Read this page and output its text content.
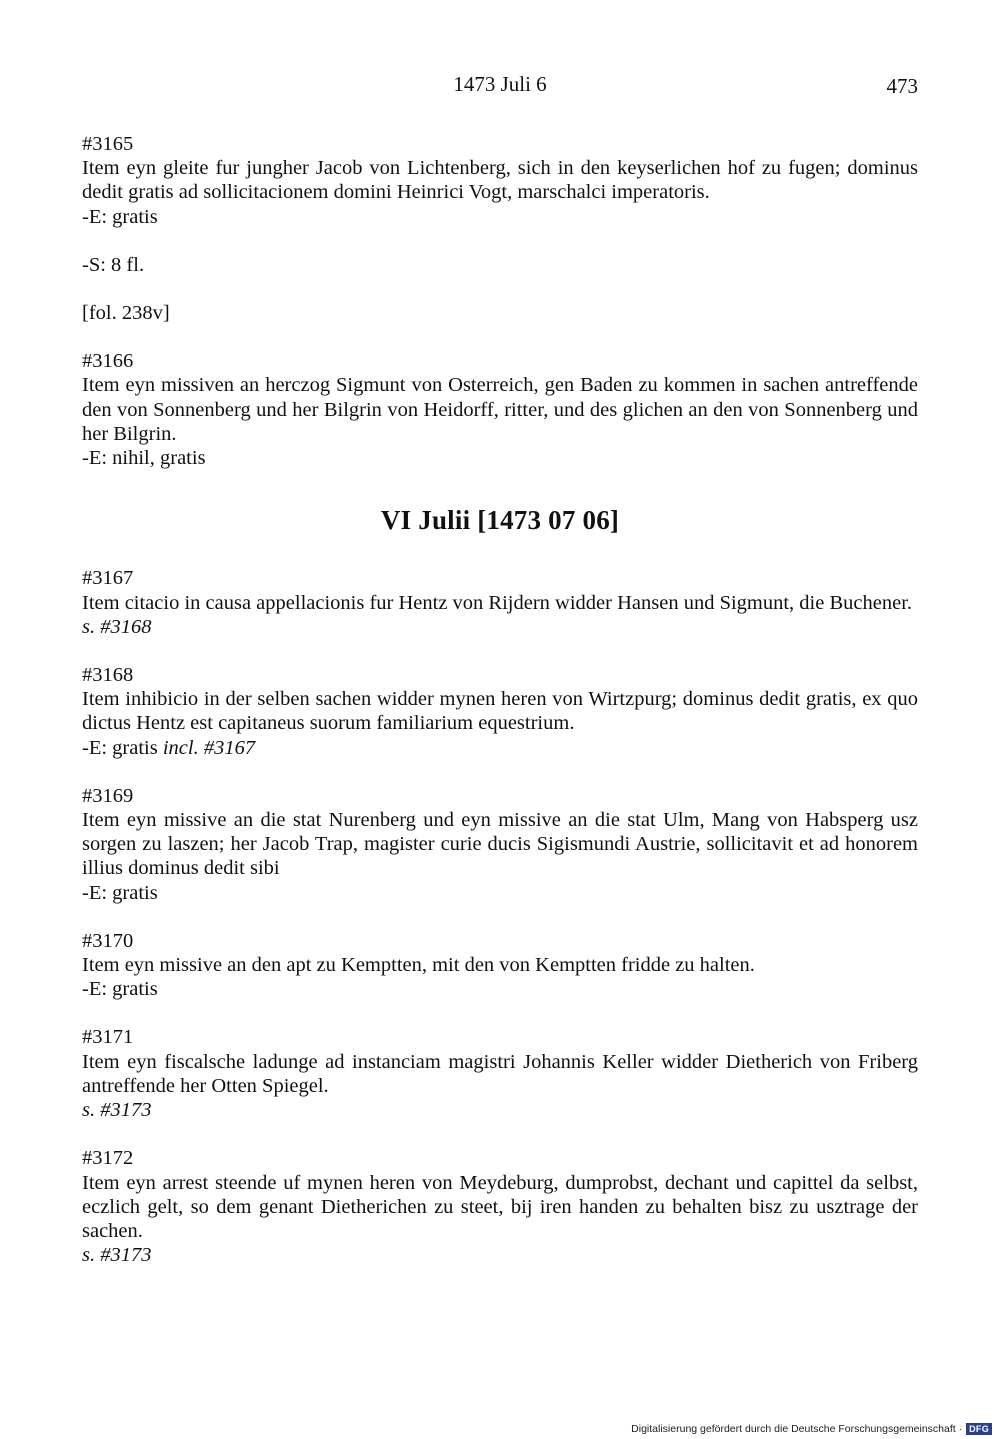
1473 Juli 6	473
#3165
Item eyn gleite fur jungher Jacob von Lichtenberg, sich in den keyserlichen hof zu fugen; dominus dedit gratis ad sollicitacionem domini Heinrici Vogt, marschalci imperatoris.
-E: gratis
-S: 8 fl.
[fol. 238v]
#3166
Item eyn missiven an herczog Sigmunt von Osterreich, gen Baden zu kommen in sachen antreffende den von Sonnenberg und her Bilgrin von Heidorff, ritter, und des glichen an den von Sonnenberg und her Bilgrin.
-E: nihil, gratis
VI Julii [1473 07 06]
#3167
Item citacio in causa appellacionis fur Hentz von Rijdern widder Hansen und Sigmunt, die Buchener.
s. #3168
#3168
Item inhibicio in der selben sachen widder mynen heren von Wirtzpurg; dominus dedit gratis, ex quo dictus Hentz est capitaneus suorum familiarium equestrium.
-E: gratis incl. #3167
#3169
Item eyn missive an die stat Nurenberg und eyn missive an die stat Ulm, Mang von Habsperg usz sorgen zu laszen; her Jacob Trap, magister curie ducis Sigismundi Austrie, sollicitavit et ad honorem illius dominus dedit sibi
-E: gratis
#3170
Item eyn missive an den apt zu Kemptten, mit den von Kemptten fridde zu halten.
-E: gratis
#3171
Item eyn fiscalsche ladunge ad instanciam magistri Johannis Keller widder Dietherich von Friberg antreffende her Otten Spiegel.
s. #3173
#3172
Item eyn arrest steende uf mynen heren von Meydeburg, dumprobst, dechant und capittel da selbst, eczlich gelt, so dem genant Dietherichen zu steet, bij iren handen zu behalten bisz zu usztrage der sachen.
s. #3173
Digitalisierung gefördert durch die Deutsche Forschungsgemeinschaft · DFG
